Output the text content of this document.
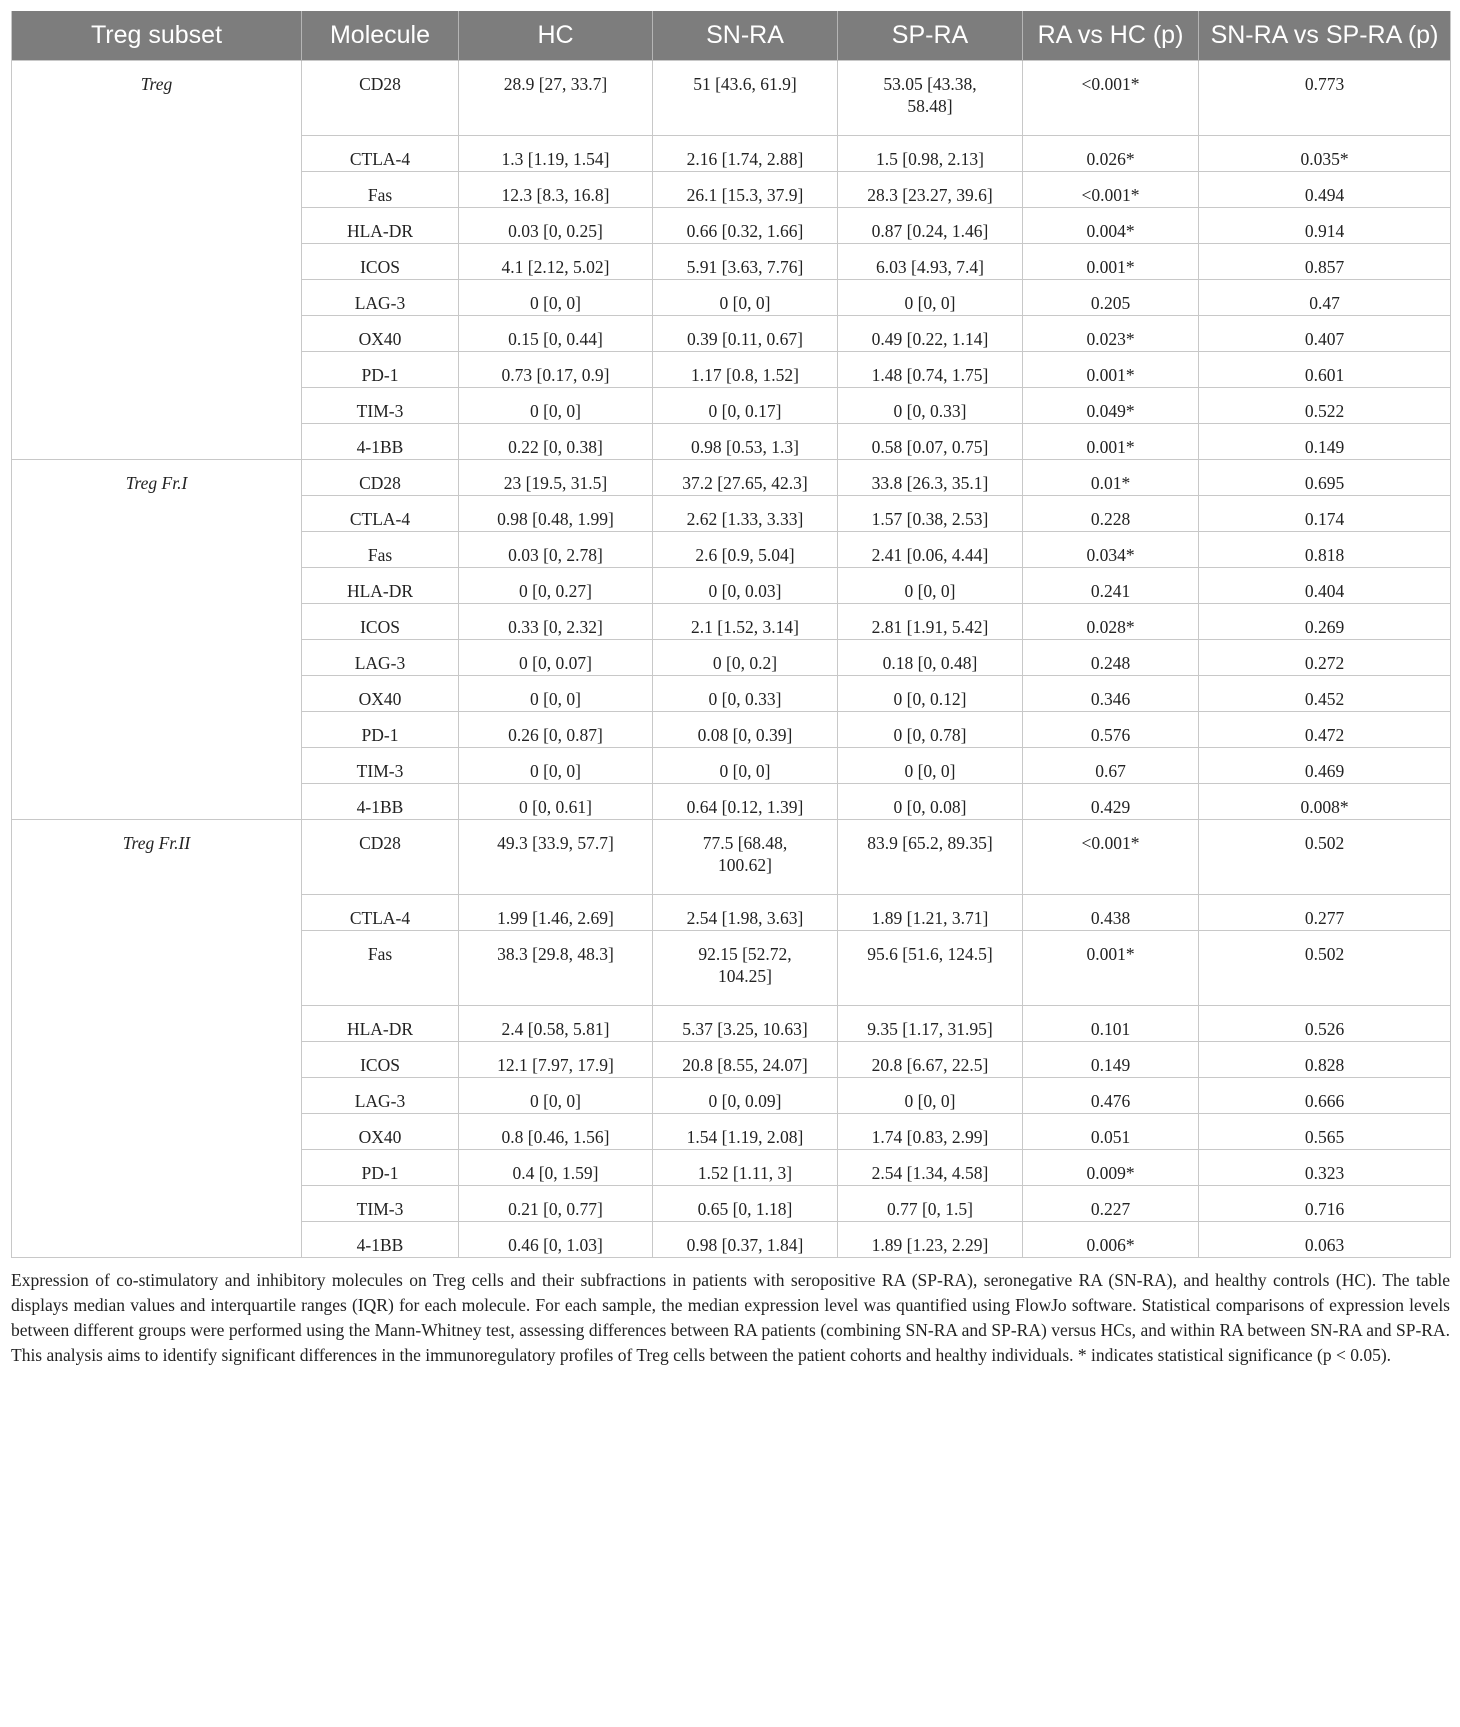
Treg subset	Molecule	HC	SN-RA	SP-RA	RA vs HC (p)	SN-RA vs SP-RA (p)
Treg	CD28	28.9 [27, 33.7]	51 [43.6, 61.9]	53.05 [43.38, 58.48]	<0.001*	0.773
	CTLA-4	1.3 [1.19, 1.54]	2.16 [1.74, 2.88]	1.5 [0.98, 2.13]	0.026*	0.035*
	Fas	12.3 [8.3, 16.8]	26.1 [15.3, 37.9]	28.3 [23.27, 39.6]	<0.001*	0.494
	HLA-DR	0.03 [0, 0.25]	0.66 [0.32, 1.66]	0.87 [0.24, 1.46]	0.004*	0.914
	ICOS	4.1 [2.12, 5.02]	5.91 [3.63, 7.76]	6.03 [4.93, 7.4]	0.001*	0.857
	LAG-3	0 [0, 0]	0 [0, 0]	0 [0, 0]	0.205	0.47
	OX40	0.15 [0, 0.44]	0.39 [0.11, 0.67]	0.49 [0.22, 1.14]	0.023*	0.407
	PD-1	0.73 [0.17, 0.9]	1.17 [0.8, 1.52]	1.48 [0.74, 1.75]	0.001*	0.601
	TIM-3	0 [0, 0]	0 [0, 0.17]	0 [0, 0.33]	0.049*	0.522
	4-1BB	0.22 [0, 0.38]	0.98 [0.53, 1.3]	0.58 [0.07, 0.75]	0.001*	0.149
Treg Fr.I	CD28	23 [19.5, 31.5]	37.2 [27.65, 42.3]	33.8 [26.3, 35.1]	0.01*	0.695
	CTLA-4	0.98 [0.48, 1.99]	2.62 [1.33, 3.33]	1.57 [0.38, 2.53]	0.228	0.174
	Fas	0.03 [0, 2.78]	2.6 [0.9, 5.04]	2.41 [0.06, 4.44]	0.034*	0.818
	HLA-DR	0 [0, 0.27]	0 [0, 0.03]	0 [0, 0]	0.241	0.404
	ICOS	0.33 [0, 2.32]	2.1 [1.52, 3.14]	2.81 [1.91, 5.42]	0.028*	0.269
	LAG-3	0 [0, 0.07]	0 [0, 0.2]	0.18 [0, 0.48]	0.248	0.272
	OX40	0 [0, 0]	0 [0, 0.33]	0 [0, 0.12]	0.346	0.452
	PD-1	0.26 [0, 0.87]	0.08 [0, 0.39]	0 [0, 0.78]	0.576	0.472
	TIM-3	0 [0, 0]	0 [0, 0]	0 [0, 0]	0.67	0.469
	4-1BB	0 [0, 0.61]	0.64 [0.12, 1.39]	0 [0, 0.08]	0.429	0.008*
Treg Fr.II	CD28	49.3 [33.9, 57.7]	77.5 [68.48, 100.62]	83.9 [65.2, 89.35]	<0.001*	0.502
	CTLA-4	1.99 [1.46, 2.69]	2.54 [1.98, 3.63]	1.89 [1.21, 3.71]	0.438	0.277
	Fas	38.3 [29.8, 48.3]	92.15 [52.72, 104.25]	95.6 [51.6, 124.5]	0.001*	0.502
	HLA-DR	2.4 [0.58, 5.81]	5.37 [3.25, 10.63]	9.35 [1.17, 31.95]	0.101	0.526
	ICOS	12.1 [7.97, 17.9]	20.8 [8.55, 24.07]	20.8 [6.67, 22.5]	0.149	0.828
	LAG-3	0 [0, 0]	0 [0, 0.09]	0 [0, 0]	0.476	0.666
	OX40	0.8 [0.46, 1.56]	1.54 [1.19, 2.08]	1.74 [0.83, 2.99]	0.051	0.565
	PD-1	0.4 [0, 1.59]	1.52 [1.11, 3]	2.54 [1.34, 4.58]	0.009*	0.323
	TIM-3	0.21 [0, 0.77]	0.65 [0, 1.18]	0.77 [0, 1.5]	0.227	0.716
	4-1BB	0.46 [0, 1.03]	0.98 [0.37, 1.84]	1.89 [1.23, 2.29]	0.006*	0.063
Expression of co-stimulatory and inhibitory molecules on Treg cells and their subfractions in patients with seropositive RA (SP-RA), seronegative RA (SN-RA), and healthy controls (HC). The table displays median values and interquartile ranges (IQR) for each molecule. For each sample, the median expression level was quantified using FlowJo software. Statistical comparisons of expression levels between different groups were performed using the Mann-Whitney test, assessing differences between RA patients (combining SN-RA and SP-RA) versus HCs, and within RA between SN-RA and SP-RA. This analysis aims to identify significant differences in the immunoregulatory profiles of Treg cells between the patient cohorts and healthy individuals. * indicates statistical significance (p < 0.05).
